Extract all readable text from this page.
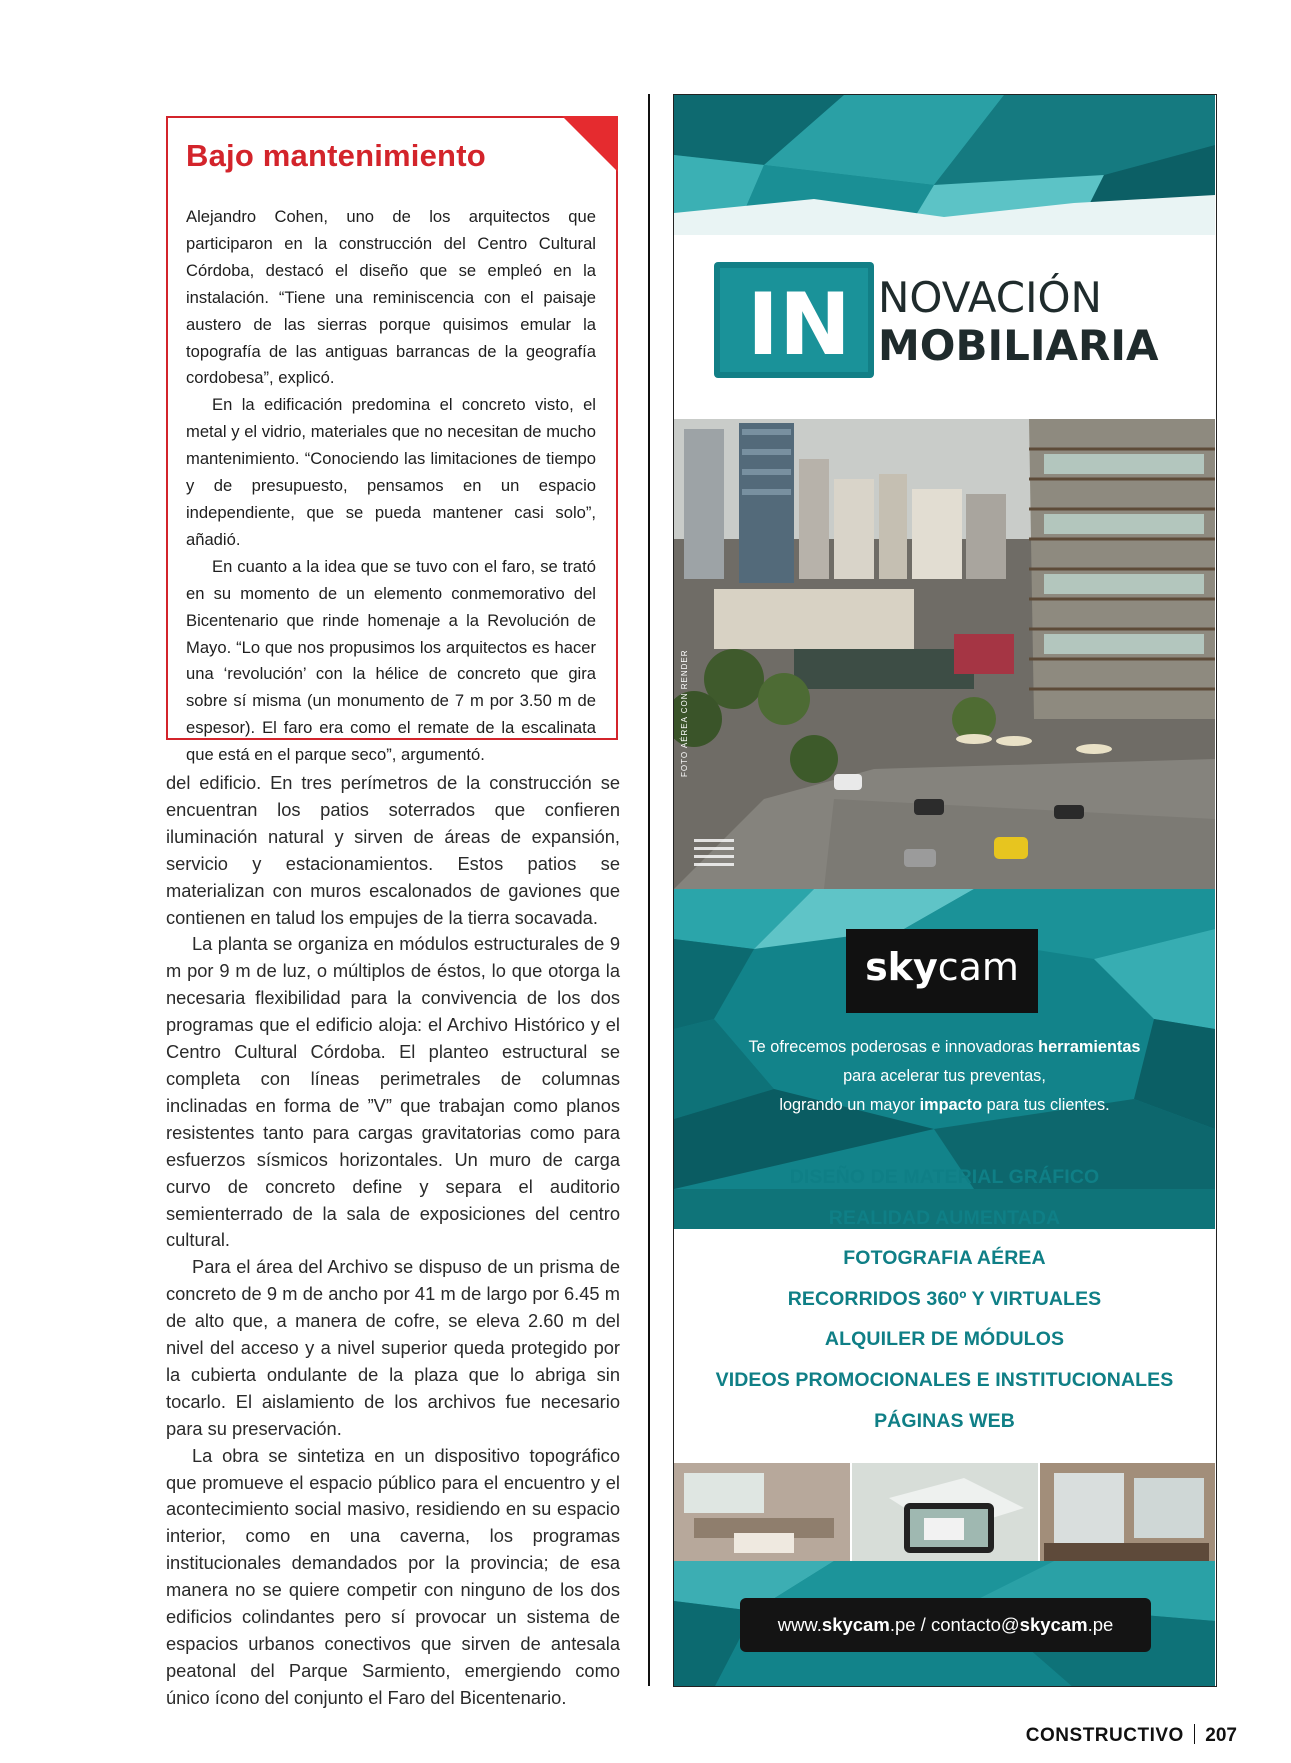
Bajo mantenimiento

Alejandro Cohen, uno de los arquitectos que participaron en la construcción del Centro Cultural Córdoba, destacó el diseño que se empleó en la instalación. “Tiene una reminiscencia con el paisaje austero de las sierras porque quisimos emular la topografía de las antiguas barrancas de la geografía cordobesa”, explicó.

En la edificación predomina el concreto visto, el metal y el vidrio, materiales que no necesitan de mucho mantenimiento. “Conociendo las limitaciones de tiempo y de presupuesto, pensamos en un espacio independiente, que se pueda mantener casi solo”, añadió.

En cuanto a la idea que se tuvo con el faro, se trató en su momento de un elemento conmemorativo del Bicentenario que rinde homenaje a la Revolución de Mayo. “Lo que nos propusimos los arquitectos es hacer una ‘revolución’ con la hélice de concreto que gira sobre sí misma (un monumento de 7 m por 3.50 m de espesor). El faro era como el remate de la escalinata que está en el parque seco”, argumentó.

del edificio. En tres perímetros de la construcción se encuentran los patios soterrados que confieren iluminación natural y sirven de áreas de expansión, servicio y estacionamientos. Estos patios se materializan con muros escalonados de gaviones que contienen en talud los empujes de la tierra socavada.

La planta se organiza en módulos estructurales de 9 m por 9 m de luz, o múltiplos de éstos, lo que otorga la necesaria flexibilidad para la convivencia de los dos programas que el edificio aloja: el Archivo Histórico y el Centro Cultural Córdoba. El planteo estructural se completa con líneas perimetrales de columnas inclinadas en forma de ”V” que trabajan como planos resistentes tanto para cargas gravitatorias como para esfuerzos sísmicos horizontales. Un muro de carga curvo de concreto define y separa el auditorio semienterrado de la sala de exposiciones del centro cultural.

Para el área del Archivo se dispuso de un prisma de concreto de 9 m de ancho por 41 m de largo por 6.45 m de alto que, a manera de cofre, se eleva 2.60 m del nivel del acceso y a nivel superior queda protegido por la cubierta ondulante de la plaza que lo abriga sin tocarlo. El aislamiento de los archivos fue necesario para su preservación.

La obra se sintetiza en un dispositivo topográfico que promueve el espacio público para el encuentro y el acontecimiento social masivo, residiendo en su espacio interior, como en una caverna, los programas institucionales demandados por la provincia; de esa manera no se quiere competir con ninguno de los dos edificios colindantes pero sí provocar un sistema de espacios urbanos conectivos que sirven de antesala peatonal del Parque Sarmiento, emergiendo como único ícono del conjunto el Faro del Bicentenario.

IN NOVACIÓN
MOBILIARIA
FOTO AÉREA CON RENDER
skycam
Te ofrecemos poderosas e innovadoras herramientas
para acelerar tus preventas,
logrando un mayor impacto para tus clientes.
DISEÑO DE MATERIAL GRÁFICO
REALIDAD AUMENTADA
FOTOGRAFIA AÉREA
RECORRIDOS 360º Y VIRTUALES
ALQUILER DE MÓDULOS
VIDEOS PROMOCIONALES E INSTITUCIONALES
PÁGINAS WEB
www.skycam.pe / contacto@skycam.pe
CONSTRUCTIVO 207
